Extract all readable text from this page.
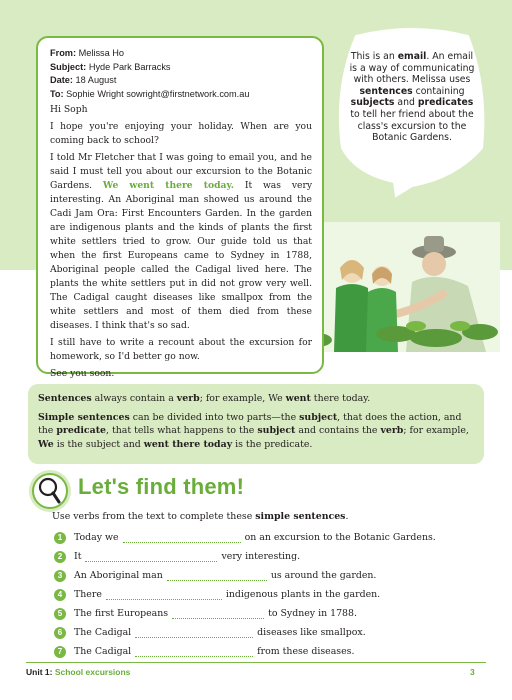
This is an email. An email is a way of communicating with others. Melissa uses sentences containing subjects and predicates to tell her friend about the class's excursion to the Botanic Gardens.
From: Melissa Ho
Subject: Hyde Park Barracks
Date: 18 August
To: Sophie Wright sowright@firstnetwork.com.au

Hi Soph

I hope you're enjoying your holiday. When are you coming back to school?

I told Mr Fletcher that I was going to email you, and he said I must tell you about our excursion to the Botanic Gardens. We went there today. It was very interesting. An Aboriginal man showed us around the Cadi Jam Ora: First Encounters Garden. In the garden are indigenous plants and the kinds of plants the first white settlers tried to grow. Our guide told us that when the first Europeans came to Sydney in 1788, Aboriginal people called the Cadigal lived here. The plants the white settlers put in did not grow very well. The Cadigal caught diseases like smallpox from the white settlers and most of them died from these diseases. I think that's so sad.

I still have to write a recount about the excursion for homework, so I'd better go now.

See you soon.

Sentences always contain a verb; for example, We went there today.

Simple sentences can be divided into two parts—the subject, that does the action, and the predicate, that tells what happens to the subject and contains the verb; for example, We is the subject and went there today is the predicate.

Let's find them!
Use verbs from the text to complete these simple sentences.
1	Today we	on an excursion to the Botanic Gardens.
2	It	very interesting.
3	An Aboriginal man	us around the garden.
4	There	indigenous plants in the garden.
5	The first Europeans	to Sydney in 1788.
6	The Cadigal	diseases like smallpox.
7	The Cadigal	from these diseases.
Unit 1: School excursions	3
